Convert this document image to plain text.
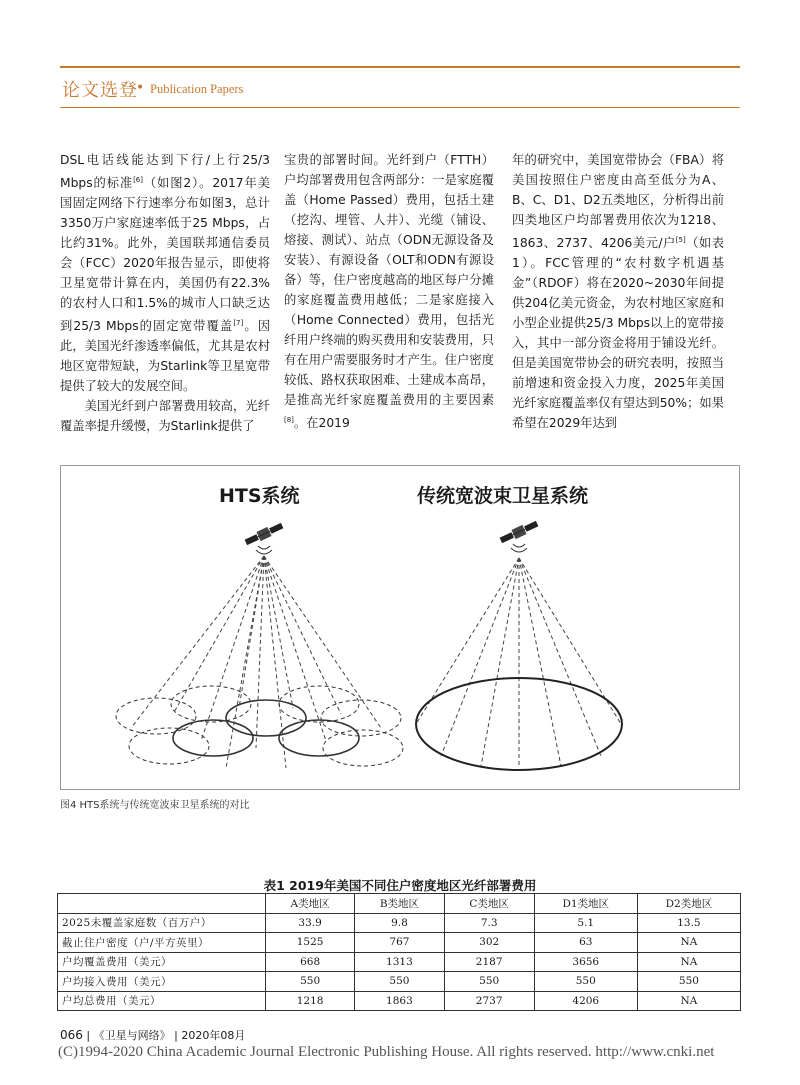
论文选登
• Publication Papers

DSL电话线能达到下行/上行25/3 Mbps的标准[6]（如图2）。2017年美国固定网络下行速率分布如图3，总计3350万户家庭速率低于25 Mbps，占比约31%。此外，美国联邦通信委员会（FCC）2020年报告显示，即使将卫星宽带计算在内，美国仍有22.3%的农村人口和1.5%的城市人口缺乏达到25/3 Mbps的固定宽带覆盖[7]。因此，美国光纤渗透率偏低，尤其是农村地区宽带短缺，为Starlink等卫星宽带提供了较大的发展空间。

美国光纤到户部署费用较高，光纤覆盖率提升缓慢，为Starlink提供了

宝贵的部署时间。光纤到户（FTTH）户均部署费用包含两部分：一是家庭覆盖（Home Passed）费用，包括土建（挖沟、埋管、人井）、光缆（铺设、熔接、测试）、站点（ODN无源设备及安装）、有源设备（OLT和ODN有源设备）等，住户密度越高的地区每户分摊的家庭覆盖费用越低；二是家庭接入（Home Connected）费用，包括光纤用户终端的购买费用和安装费用，只有在用户需要服务时才产生。住户密度较低、路权获取困难、土建成本高昂，是推高光纤家庭覆盖费用的主要因素[8]。在2019

年的研究中，美国宽带协会（FBA）将美国按照住户密度由高至低分为A、B、C、D1、D2五类地区，分析得出前四类地区户均部署费用依次为1218、1863、2737、4206美元/户[5]（如表1）。FCC管理的“农村数字机遇基金”（RDOF）将在2020~2030年间提供204亿美元资金，为农村地区家庭和小型企业提供25/3 Mbps以上的宽带接入，其中一部分资金将用于铺设光纤。但是美国宽带协会的研究表明，按照当前增速和资金投入力度，2025年美国光纤家庭覆盖率仅有望达到50%；如果希望在2029年达到

HTS系统	传统宽波束卫星系统
图4 HTS系统与传统宽波束卫星系统的对比
表1 2019年美国不同住户密度地区光纤部署费用
	A类地区	B类地区	C类地区	D1类地区	D2类地区
2025未覆盖家庭数（百万户）	33.9	9.8	7.3	5.1	13.5
截止住户密度（户/平方英里）	1525	767	302	63	NA
户均覆盖费用（美元）	668	1313	2187	3656	NA
户均接入费用（美元）	550	550	550	550	550
户均总费用（美元）	1218	1863	2737	4206	NA
066 | 《卫星与网络》 | 2020年08月
(C)1994-2020 China Academic Journal Electronic Publishing House. All rights reserved. http://www.cnki.net
